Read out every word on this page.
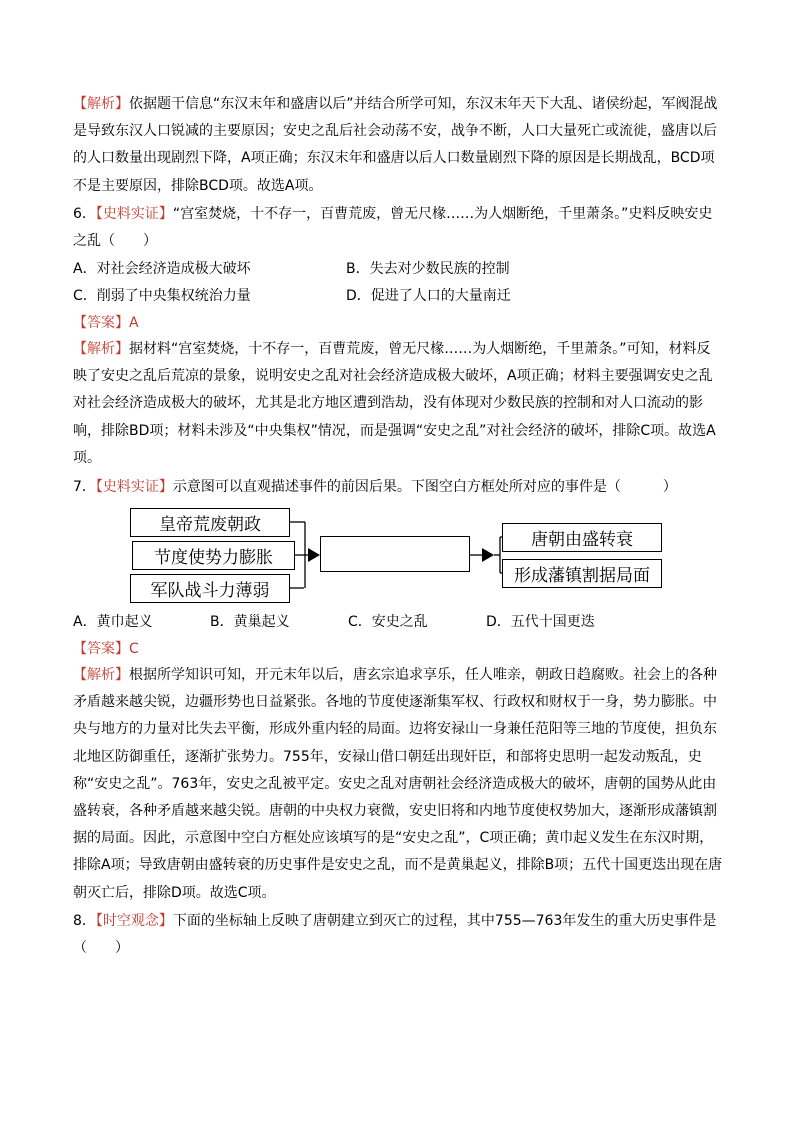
【解析】依据题干信息“东汉末年和盛唐以后”并结合所学可知，东汉末年天下大乱、诸侯纷起，军阀混战是导致东汉人口锐减的主要原因；安史之乱后社会动荡不安，战争不断，人口大量死亡或流徙，盛唐以后的人口数量出现剧烈下降，A项正确；东汉末年和盛唐以后人口数量剧烈下降的原因是长期战乱，BCD项不是主要原因，排除BCD项。故选A项。

6．【史料实证】“宫室焚烧，十不存一，百曹荒废，曾无尺椽……为人烟断绝，千里萧条。”史料反映安史之乱（　　）

A．对社会经济造成极大破坏	B．失去对少数民族的控制
C．削弱了中央集权统治力量	D．促进了人口的大量南迁
【答案】A

【解析】据材料“宫室焚烧，十不存一，百曹荒废，曾无尺椽……为人烟断绝，千里萧条。”可知，材料反映了安史之乱后荒凉的景象，说明安史之乱对社会经济造成极大破坏，A项正确；材料主要强调安史之乱对社会经济造成极大的破坏，尤其是北方地区遭到浩劫，没有体现对少数民族的控制和对人口流动的影响，排除BD项；材料未涉及“中央集权”情况，而是强调“安史之乱”对社会经济的破坏，排除C项。故选A项。

7．【史料实证】示意图可以直观描述事件的前因后果。下图空白方框处所对应的事件是（　　　）

皇帝荒废朝政
节度使势力膨胀
军队战斗力薄弱
唐朝由盛转衰
形成藩镇割据局面
A．黄巾起义	B．黄巢起义	C．安史之乱	D．五代十国更迭
【答案】C

【解析】根据所学知识可知，开元末年以后，唐玄宗追求享乐，任人唯亲，朝政日趋腐败。社会上的各种矛盾越来越尖锐，边疆形势也日益紧张。各地的节度使逐渐集军权、行政权和财权于一身，势力膨胀。中央与地方的力量对比失去平衡，形成外重内轻的局面。边将安禄山一身兼任范阳等三地的节度使，担负东北地区防御重任，逐渐扩张势力。755年，安禄山借口朝廷出现奸臣，和部将史思明一起发动叛乱，史称“安史之乱”。763年，安史之乱被平定。安史之乱对唐朝社会经济造成极大的破坏，唐朝的国势从此由盛转衰，各种矛盾越来越尖锐。唐朝的中央权力衰微，安史旧将和内地节度使权势加大，逐渐形成藩镇割据的局面。因此，示意图中空白方框处应该填写的是“安史之乱”，C项正确；黄巾起义发生在东汉时期，排除A项；导致唐朝由盛转衰的历史事件是安史之乱，而不是黄巢起义，排除B项；五代十国更迭出现在唐朝灭亡后，排除D项。故选C项。

8．【时空观念】下面的坐标轴上反映了唐朝建立到灭亡的过程，其中755—763年发生的重大历史事件是（　　）
